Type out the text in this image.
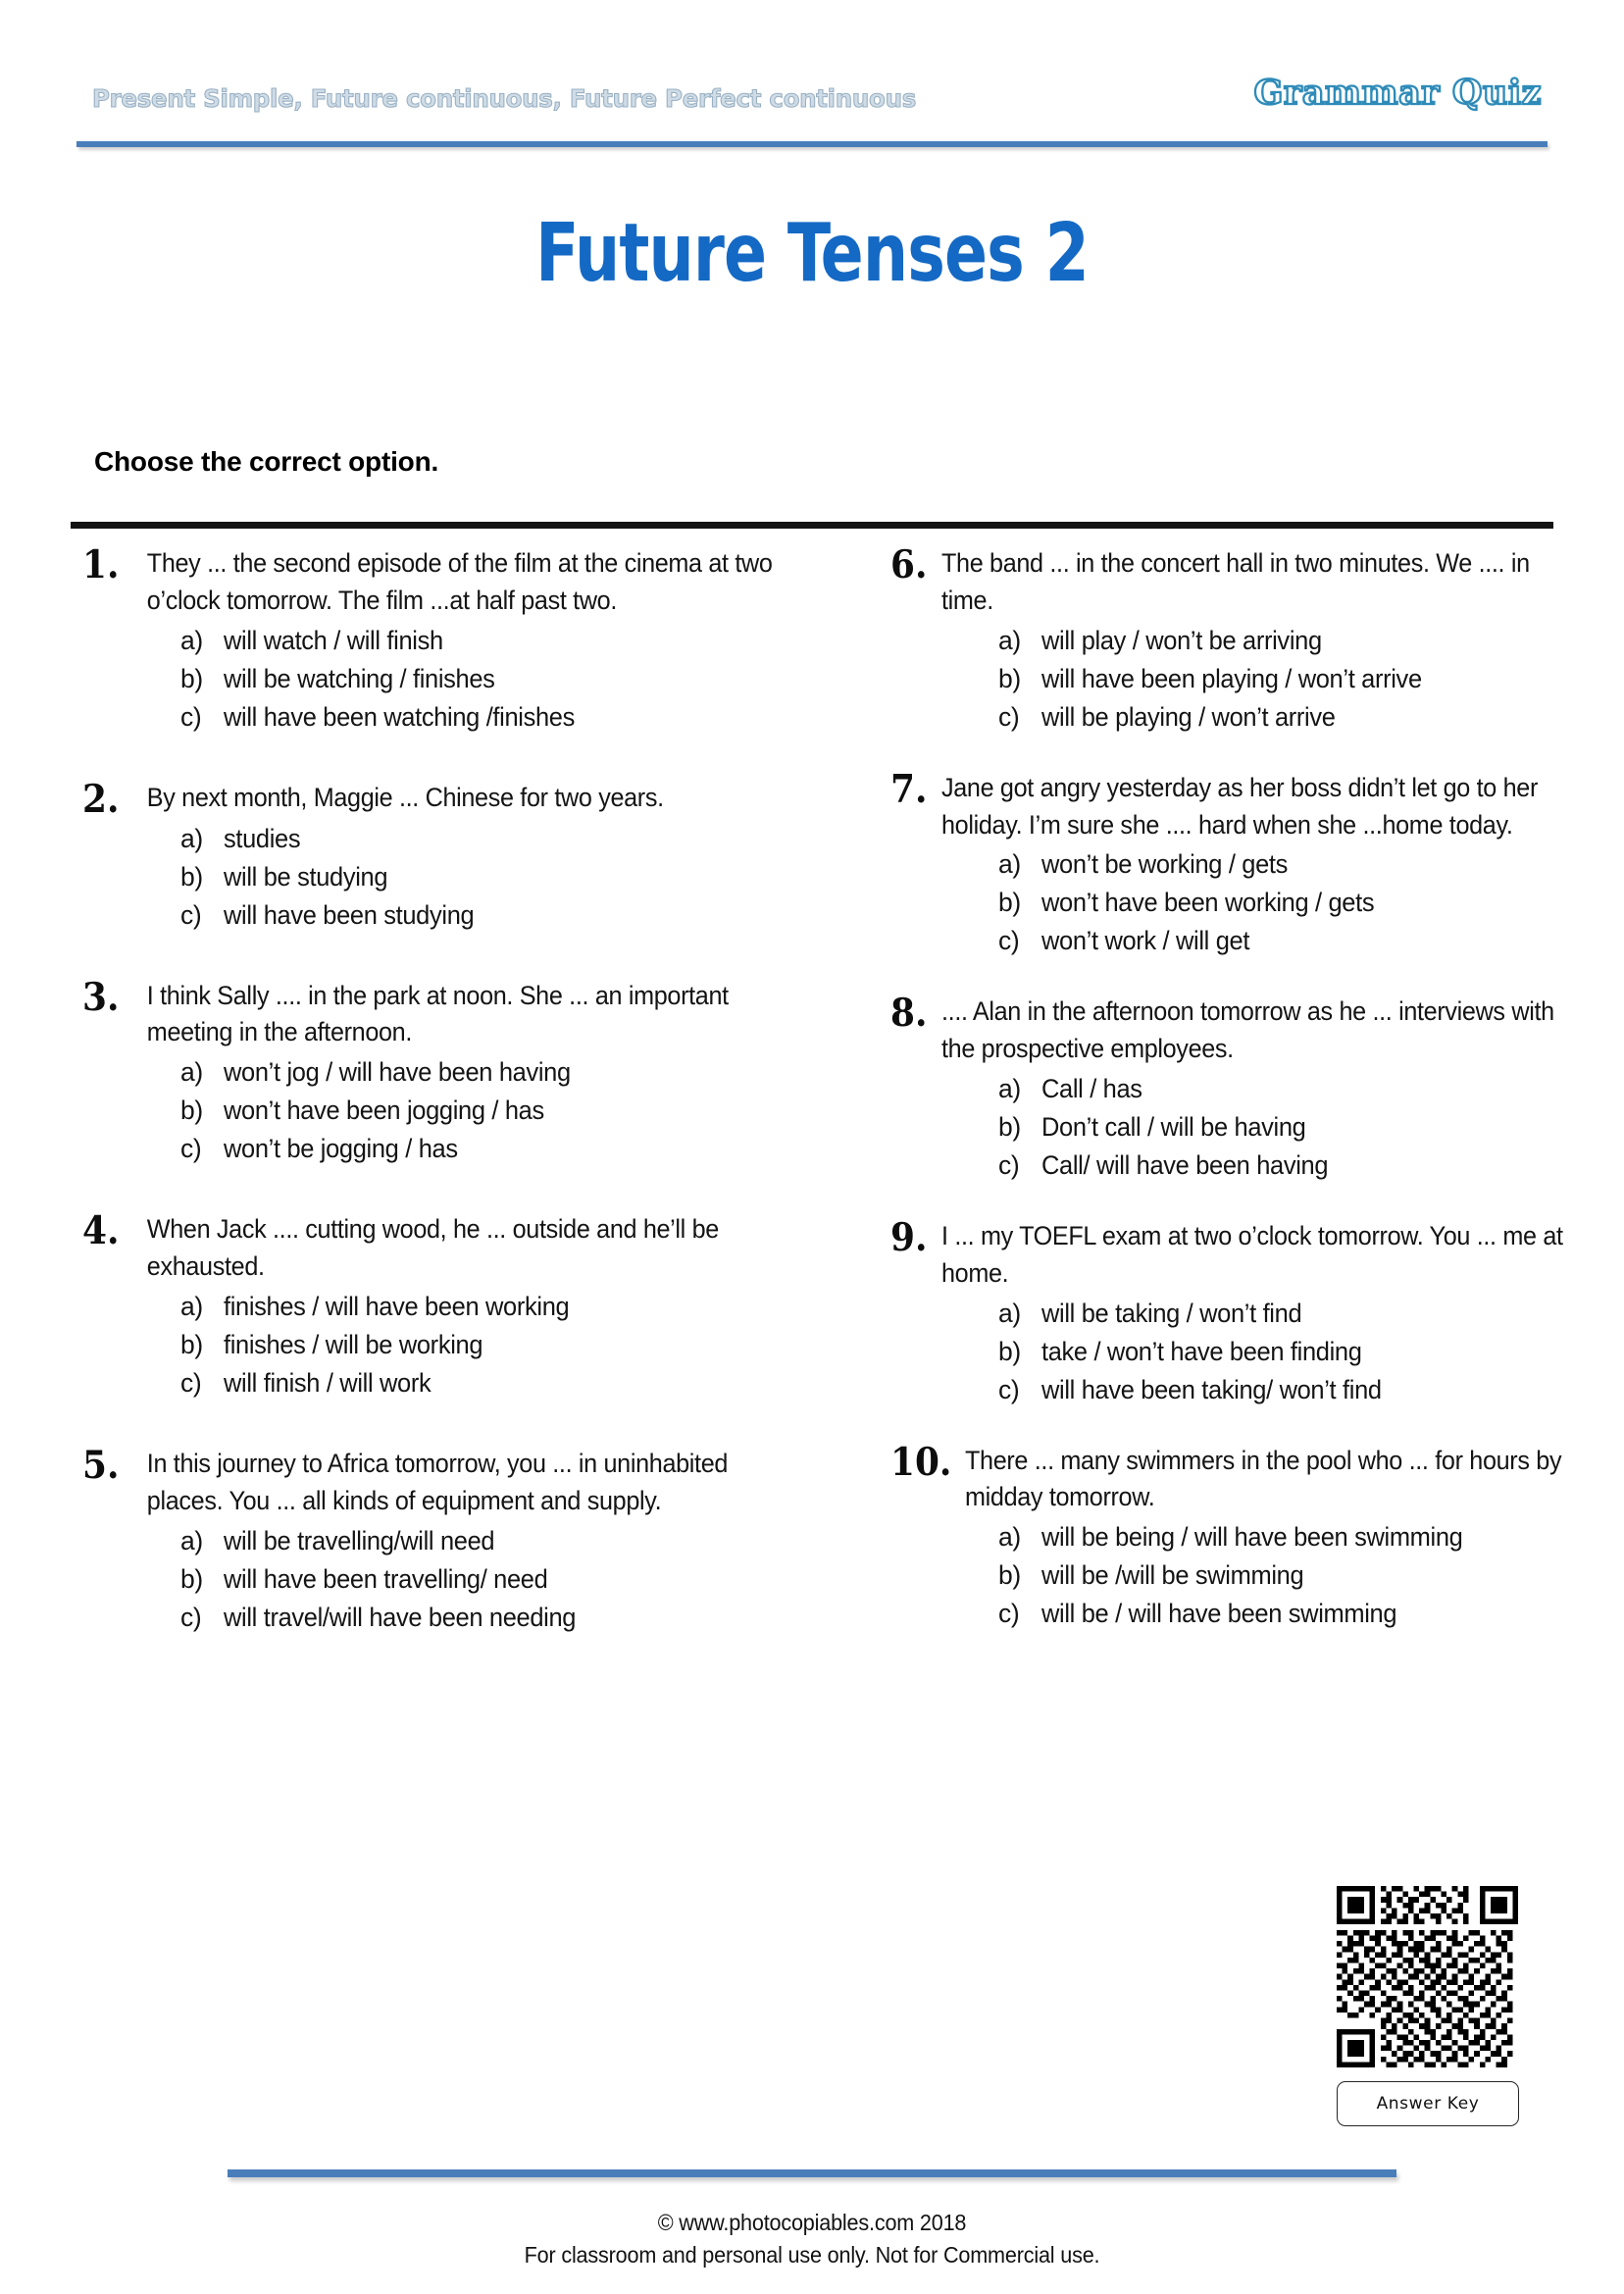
Present Simple, Future continuous, Future Perfect continuous	Grammar Quiz
Future Tenses 2
Choose the correct option.
1.	They ... the second episode of the film at the cinema at two o’clock tomorrow. The film ...at half past two.
a) will watch / will finish
b) will be watching / finishes
c) will have been watching /finishes
2.	By next month, Maggie ... Chinese for two years.
a) studies
b) will be studying
c) will have been studying
3.	I think Sally .... in the park at noon. She ... an important meeting in the afternoon.
a) won’t jog / will have been having
b) won’t have been jogging / has
c) won’t be jogging / has
4.	When Jack .... cutting wood, he ... outside and he’ll be exhausted.
a) finishes / will have been working
b) finishes / will be working
c) will finish / will work
5.	In this journey to Africa tomorrow, you ... in uninhabited places. You ... all kinds of equipment and supply.
a) will be travelling/will need
b) will have been travelling/ need
c) will travel/will have been needing
6. The band ... in the concert hall in two minutes. We .... in time.
a) will play / won’t be arriving
b) will have been playing / won’t arrive
c) will be playing / won’t arrive
7. Jane got angry yesterday as her boss didn’t let go to her holiday. I’m sure she .... hard when she ...home today.
a) won’t be working / gets
b) won’t have been working / gets
c) won’t work / will get
8. .... Alan in the afternoon tomorrow as he ... interviews with the prospective employees.
a) Call / has
b) Don’t call / will be having
c) Call/ will have been having
9. I ... my TOEFL exam at two o’clock tomorrow. You ... me at home.
a) will be taking / won’t find
b) take / won’t have been finding
c) will have been taking/ won’t find
10. There ... many swimmers in the pool who ... for hours by midday tomorrow.
a) will be being / will have been swimming
b) will be /will be swimming
c) will be / will have been swimming
Answer Key
© www.photocopiables.com 2018
For classroom and personal use only. Not for Commercial use.
